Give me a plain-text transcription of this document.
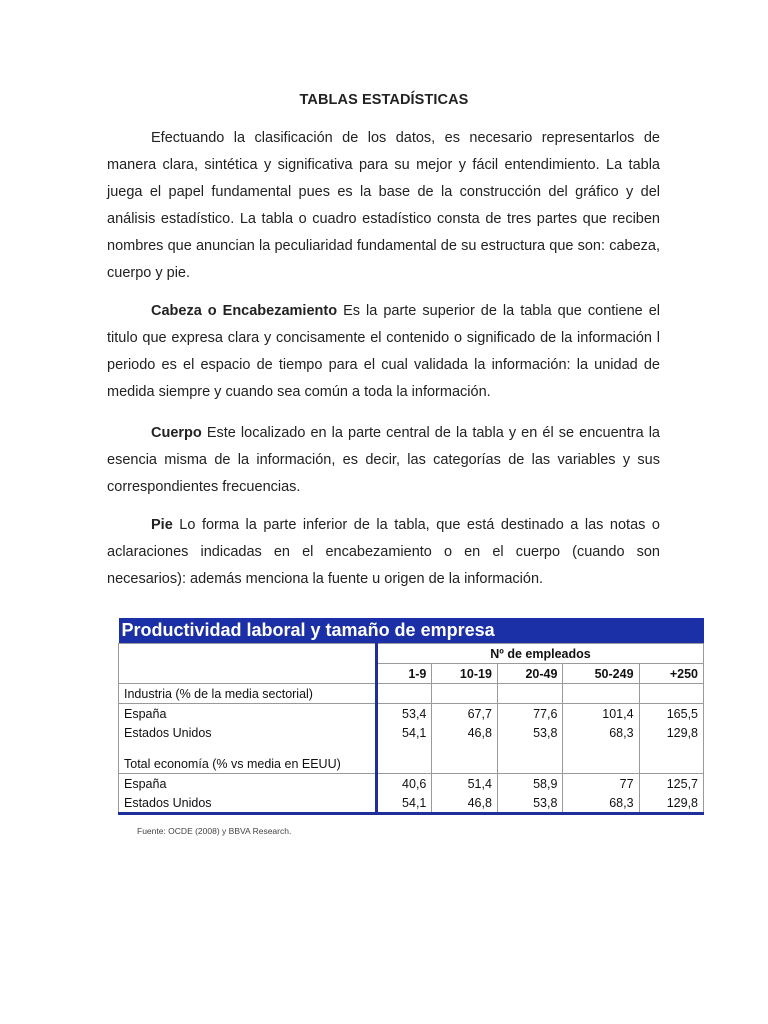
TABLAS ESTADÍSTICAS

Efectuando la clasificación de los datos, es necesario representarlos de manera clara, sintética y significativa para su mejor y fácil entendimiento. La tabla juega el papel fundamental pues es la base de la construcción del gráfico y del análisis estadístico. La tabla o cuadro estadístico consta de tres partes que reciben nombres que anuncian la peculiaridad fundamental de su estructura que son: cabeza, cuerpo y pie.

Cabeza o Encabezamiento Es la parte superior de la tabla que contiene el titulo que expresa clara y concisamente el contenido o significado de la información l periodo es el espacio de tiempo para el cual validada la información: la unidad de medida siempre y cuando sea común a toda la información.

Cuerpo Este localizado en la parte central de la tabla y en él se encuentra la esencia misma de la información, es decir, las categorías de las variables y sus correspondientes frecuencias.

Pie Lo forma la parte inferior de la tabla, que está destinado a las notas o aclaraciones indicadas en el encabezamiento o en el cuerpo (cuando son necesarios): además menciona la fuente u origen de la información.

Productividad laboral y tamaño de empresa					
	Nº de empleados				
	1-9	10-19	20-49	50-249	+250
Industria (% de la media sectorial)					
España	53,4	67,7	77,6	101,4	165,5
Estados Unidos	54,1	46,8	53,8	68,3	129,8

Total economía (% vs media en EEUU)					
España	40,6	51,4	58,9	77	125,7
Estados Unidos	54,1	46,8	53,8	68,3	129,8
Fuente: OCDE (2008) y BBVA Research.
